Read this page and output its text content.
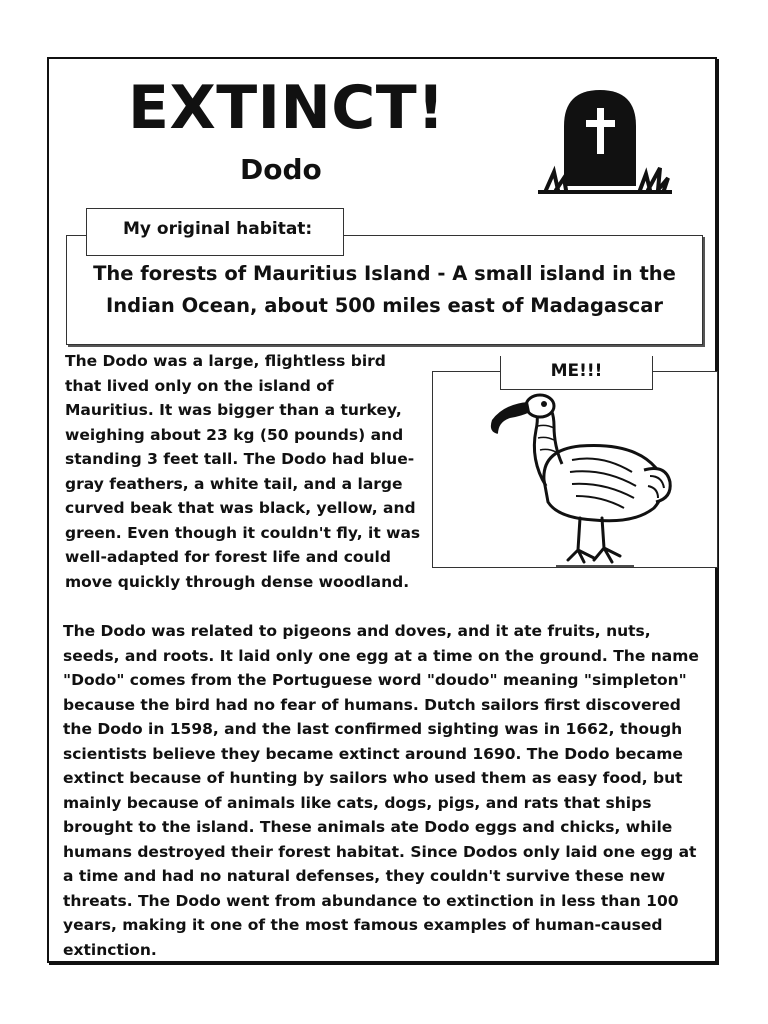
EXTINCT!
Dodo

The forests of Mauritius Island - A small island in the Indian Ocean, about 500 miles east of Madagascar

My original habitat:

The Dodo was a large, flightless bird that lived only on the island of Mauritius. It was bigger than a turkey, weighing about 23 kg (50 pounds) and standing 3 feet tall. The Dodo had blue-gray feathers, a white tail, and a large curved beak that was black, yellow, and green. Even though it couldn't fly, it was well-adapted for forest life and could move quickly through dense woodland.

ME!!!

The Dodo was related to pigeons and doves, and it ate fruits, nuts, seeds, and roots. It laid only one egg at a time on the ground. The name "Dodo" comes from the Portuguese word "doudo" meaning "simpleton" because the bird had no fear of humans. Dutch sailors first discovered the Dodo in 1598, and the last confirmed sighting was in 1662, though scientists believe they became extinct around 1690. The Dodo became extinct because of hunting by sailors who used them as easy food, but mainly because of animals like cats, dogs, pigs, and rats that ships brought to the island. These animals ate Dodo eggs and chicks, while humans destroyed their forest habitat. Since Dodos only laid one egg at a time and had no natural defenses, they couldn't survive these new threats. The Dodo went from abundance to extinction in less than 100 years, making it one of the most famous examples of human-caused extinction.
